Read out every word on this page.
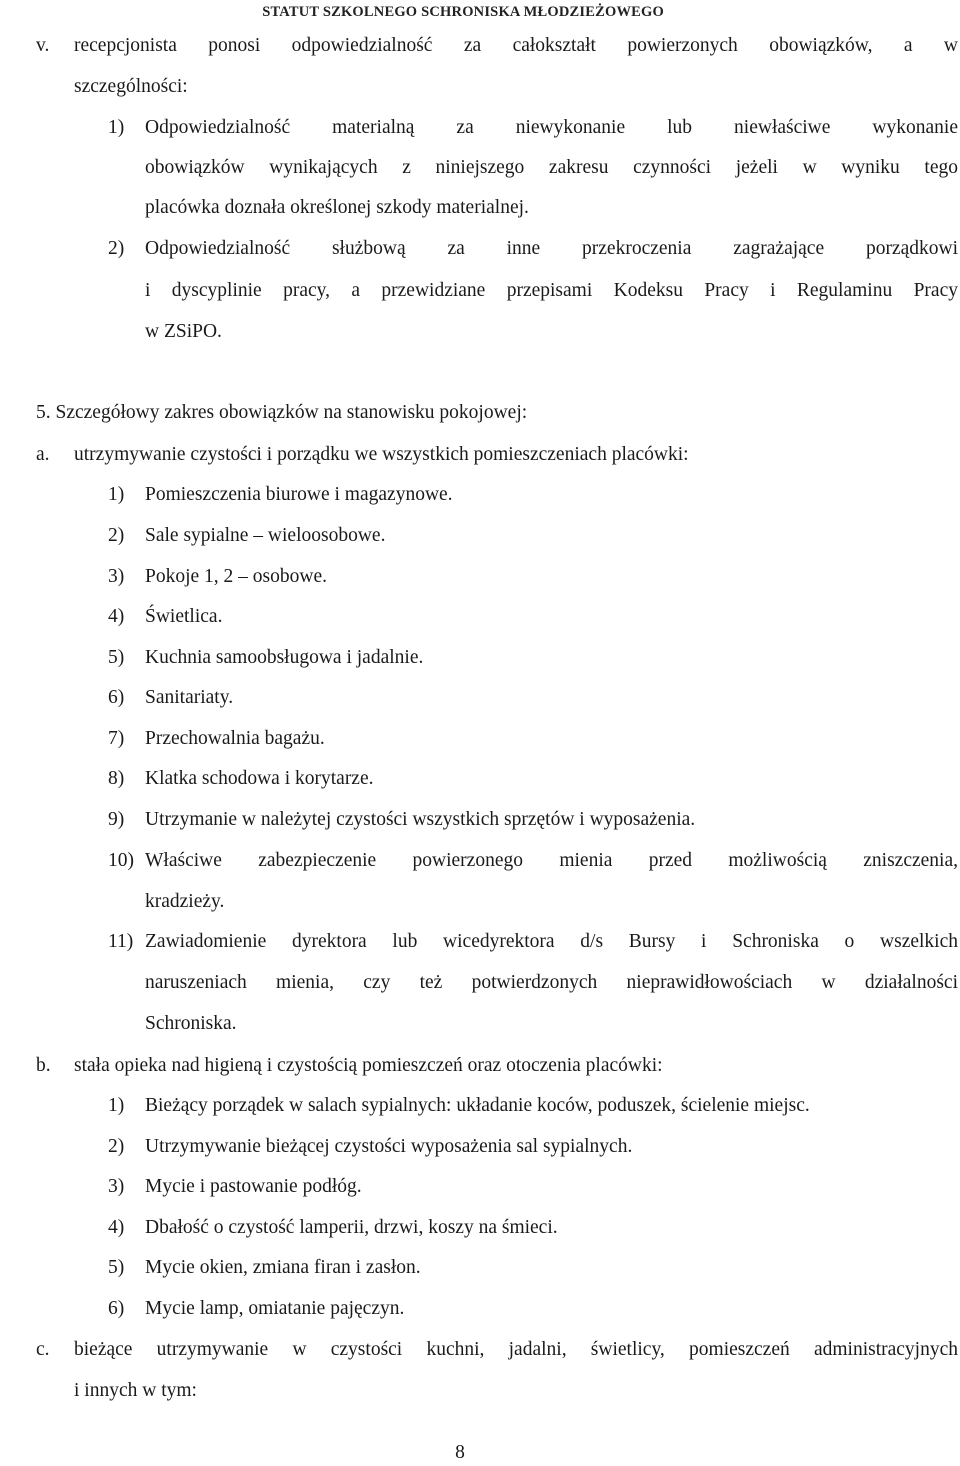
STATUT SZKOLNEGO SCHRONISKA MŁODZIEŻOWEGO
v. recepcjonista ponosi odpowiedzialność za całokształt powierzonych obowiązków, a w
szczególności:
1) Odpowiedzialność materialną za niewykonanie lub niewłaściwe wykonanie
obowiązków wynikających z niniejszego zakresu czynności jeżeli w wyniku tego
placówka doznała określonej szkody materialnej.
2) Odpowiedzialność służbową za inne przekroczenia zagrażające porządkowi
i dyscyplinie pracy, a przewidziane przepisami Kodeksu Pracy i Regulaminu Pracy
w ZSiPO.
5. Szczegółowy zakres obowiązków na stanowisku pokojowej:
a. utrzymywanie czystości i porządku we wszystkich pomieszczeniach placówki:
1) Pomieszczenia biurowe i magazynowe.
2) Sale sypialne – wieloosobowe.
3) Pokoje 1, 2 – osobowe.
4) Świetlica.
5) Kuchnia samoobsługowa i jadalnie.
6) Sanitariaty.
7) Przechowalnia bagażu.
8) Klatka schodowa i korytarze.
9) Utrzymanie w należytej czystości wszystkich sprzętów i wyposażenia.
10) Właściwe zabezpieczenie powierzonego mienia przed możliwością zniszczenia,
kradzieży.
11) Zawiadomienie dyrektora lub wicedyrektora d/s Bursy i Schroniska o wszelkich
naruszeniach mienia, czy też potwierdzonych nieprawidłowościach w działalności
Schroniska.
b. stała opieka nad higieną i czystością pomieszczeń oraz otoczenia placówki:
1) Bieżący porządek w salach sypialnych: układanie koców, poduszek, ścielenie miejsc.
2) Utrzymywanie bieżącej czystości wyposażenia sal sypialnych.
3) Mycie i pastowanie podłóg.
4) Dbałość o czystość lamperii, drzwi, koszy na śmieci.
5) Mycie okien, zmiana firan i zasłon.
6) Mycie lamp, omiatanie pajęczyn.
c. bieżące utrzymywanie w czystości kuchni, jadalni, świetlicy, pomieszczeń administracyjnych
i innych w tym:
8
